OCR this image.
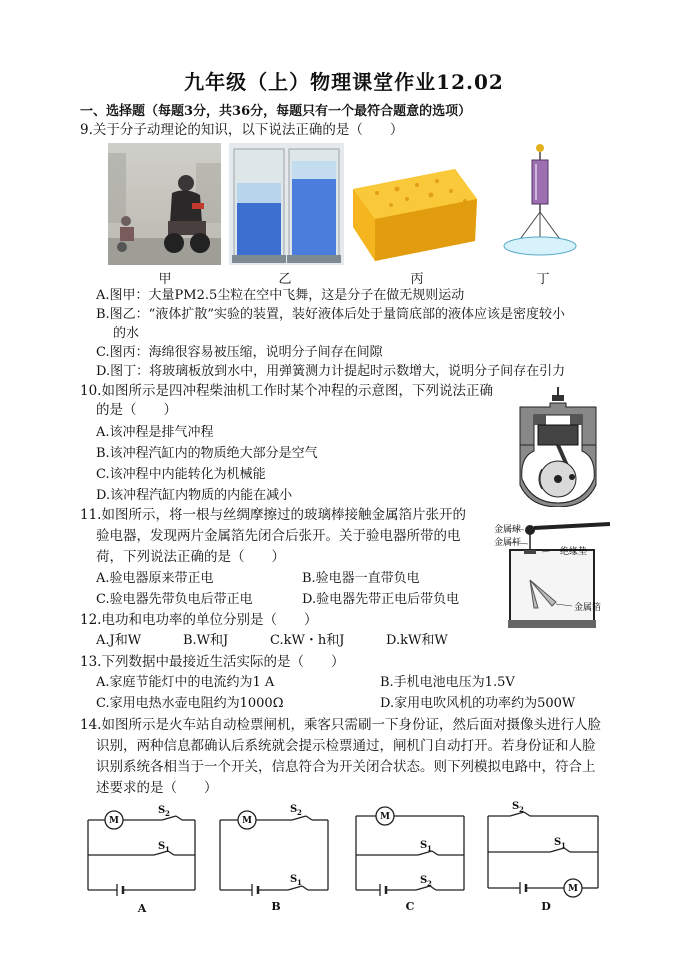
九年级（上）物理课堂作业12.02
一、选择题（每题3分，共36分，每题只有一个最符合题意的选项）
9.关于分子动理论的知识，以下说法正确的是（　　）
甲	乙	丙	丁
A.图甲：大量PM2.5尘粒在空中飞舞，这是分子在做无规则运动
B.图乙：“液体扩散”实验的装置，装好液体后处于量筒底部的液体应该是密度较小
的水
C.图丙：海绵很容易被压缩，说明分子间存在间隙
D.图丁：将玻璃板放到水中，用弹簧测力计提起时示数增大，说明分子间存在引力
10.如图所示是四冲程柴油机工作时某个冲程的示意图，下列说法正确
的是（　　）
A.该冲程是排气冲程
B.该冲程汽缸内的物质绝大部分是空气
C.该冲程中内能转化为机械能
D.该冲程汽缸内物质的内能在减小
11.如图所示，将一根与丝绸摩擦过的玻璃棒接触金属箔片张开的
验电器，发现两片金属箔先闭合后张开。关于验电器所带的电
荷，下列说法正确的是（　　）
A.验电器原来带正电	B.验电器一直带负电
C.验电器先带负电后带正电	D.验电器先带正电后带负电
金属球
金属杆
绝缘垫
金属箔
12.电功和电功率的单位分别是（　　）
A.J和W	B.W和J	C.kW・h和J	D.kW和W
13.下列数据中最接近生活实际的是（　　）
A.家庭节能灯中的电流约为1 A	B.手机电池电压为1.5V
C.家用电热水壶电阻约为1000Ω	D.家用电吹风机的功率约为500W
14.如图所示是火车站自动检票闸机，乘客只需刷一下身份证，然后面对摄像头进行人脸
识别，两种信息都确认后系统就会提示检票通过，闸机门自动打开。若身份证和人脸
识别系统各相当于一个开关，信息符合为开关闭合状态。则下列模拟电路中，符合上
述要求的是（　　）
M	M	M
M
S 2
S 1
S 2
S 1
S 1
S 2
S 2
S 1
A	B	C	D
